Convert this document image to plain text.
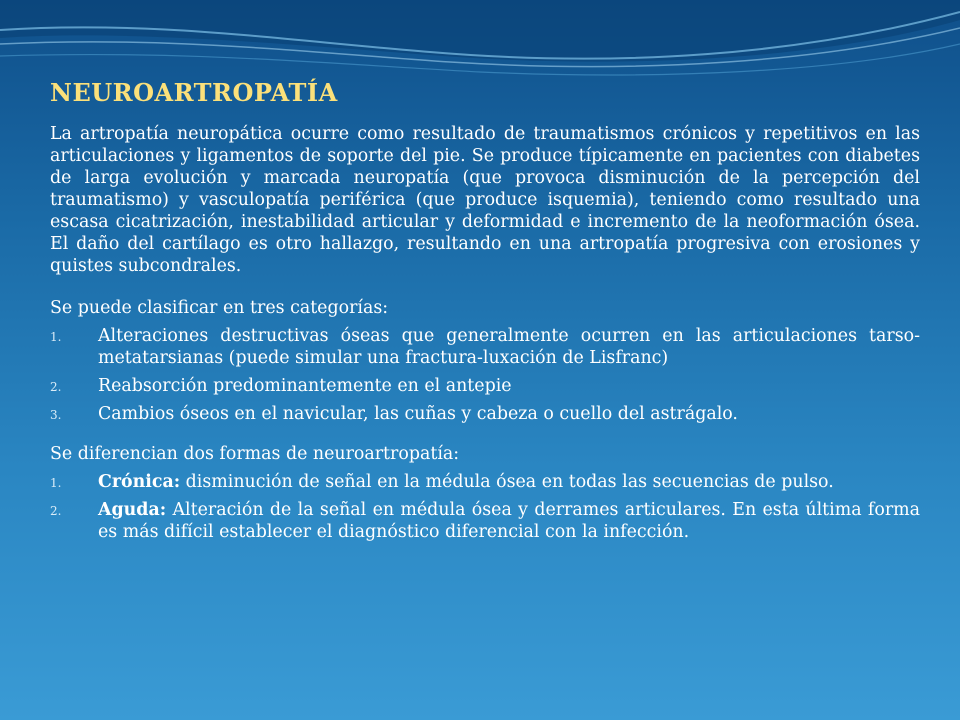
NEUROARTROPATÍA

La artropatía neuropática ocurre como resultado de traumatismos crónicos y repetitivos en las articulaciones y ligamentos de soporte del pie. Se produce típicamente en pacientes con diabetes de larga evolución y marcada neuropatía (que provoca disminución de la percepción del traumatismo) y vasculopatía periférica (que produce isquemia), teniendo como resultado una escasa cicatrización, inestabilidad articular y deformidad e incremento de la neoformación ósea. El daño del cartílago es otro hallazgo, resultando en una artropatía progresiva con erosiones y quistes subcondrales.

Se puede clasificar en tres categorías:

1. Alteraciones destructivas óseas que generalmente ocurren en las articulaciones tarso-metatarsianas (puede simular una fractura-luxación de Lisfranc)
2. Reabsorción predominantemente en el antepie
3. Cambios óseos en el navicular, las cuñas y cabeza o cuello del astrágalo.

Se diferencian dos formas de neuroartropatía:

1. Crónica: disminución de señal en la médula ósea en todas las secuencias de pulso.
2. Aguda: Alteración de la señal en médula ósea y derrames articulares. En esta última forma es más difícil establecer el diagnóstico diferencial con la infección.
